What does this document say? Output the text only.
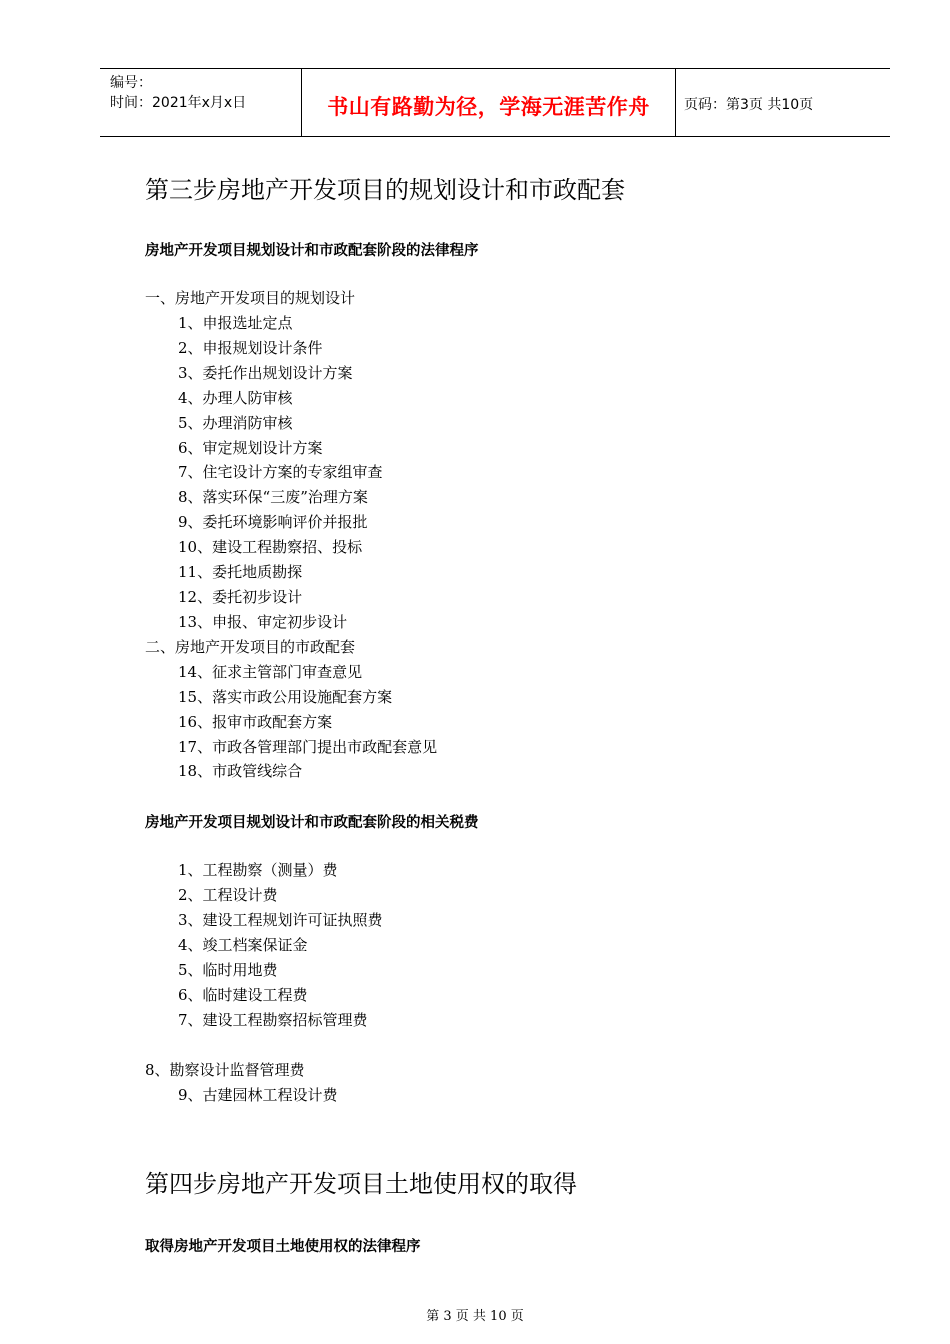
编号：
时间：2021年x月x日	书山有路勤为径，学海无涯苦作舟	页码：第3页 共10页
第三步房地产开发项目的规划设计和市政配套
房地产开发项目规划设计和市政配套阶段的法律程序
一、房地产开发项目的规划设计
1、申报选址定点
2、申报规划设计条件
3、委托作出规划设计方案
4、办理人防审核
5、办理消防审核
6、审定规划设计方案
7、住宅设计方案的专家组审查
8、落实环保“三废”治理方案
9、委托环境影响评价并报批
10、建设工程勘察招、投标
11、委托地质勘探
12、委托初步设计
13、申报、审定初步设计
二、房地产开发项目的市政配套
14、征求主管部门审查意见
15、落实市政公用设施配套方案
16、报审市政配套方案
17、市政各管理部门提出市政配套意见
18、市政管线综合
房地产开发项目规划设计和市政配套阶段的相关税费
1、工程勘察（测量）费
2、工程设计费
3、建设工程规划许可证执照费
4、竣工档案保证金
5、临时用地费
6、临时建设工程费
7、建设工程勘察招标管理费
8、勘察设计监督管理费
9、古建园林工程设计费
第四步房地产开发项目土地使用权的取得
取得房地产开发项目土地使用权的法律程序
第 3 页 共 10 页
